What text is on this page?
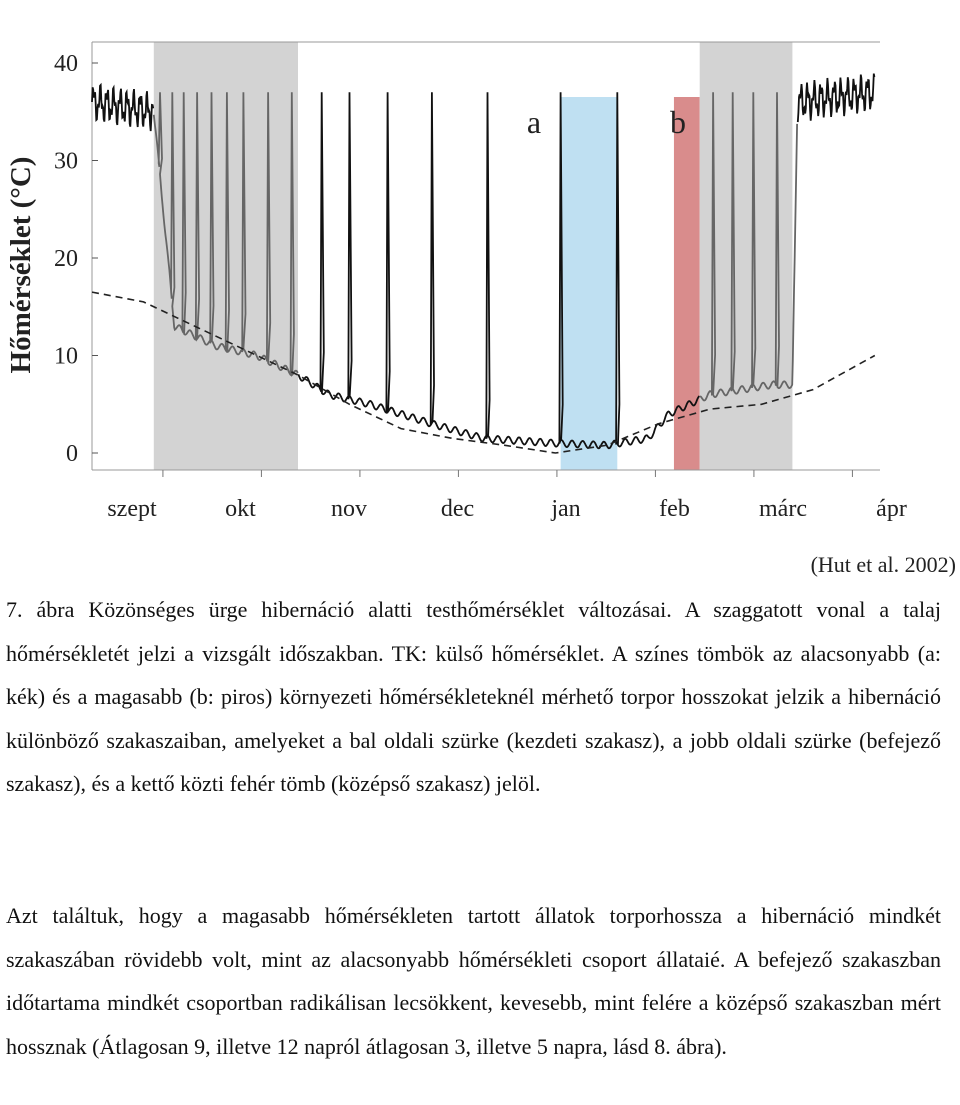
0
10
20
30
40
szept	okt	nov	dec	jan	feb	márc	ápr
a	b
Hőmérséklet (°C)
(Hut et al. 2002)

7. ábra Közönséges ürge hibernáció alatti testhőmérséklet változásai. A szaggatott vonal a talaj hőmérsékletét jelzi a vizsgált időszakban. TK: külső hőmérséklet. A színes tömbök az alacsonyabb (a: kék) és a magasabb (b: piros) környezeti hőmérsékleteknél mérhető torpor hosszokat jelzik a hibernáció különböző szakaszaiban, amelyeket a bal oldali szürke (kezdeti szakasz), a jobb oldali szürke (befejező szakasz), és a kettő közti fehér tömb (középső szakasz) jelöl.

Azt találtuk, hogy a magasabb hőmérsékleten tartott állatok torporhossza a hibernáció mindkét szakaszában rövidebb volt, mint az alacsonyabb hőmérsékleti csoport állataié. A befejező szakaszban időtartama mindkét csoportban radikálisan lecsökkent, kevesebb, mint felére a középső szakaszban mért hossznak (Átlagosan 9, illetve 12 napról átlagosan 3, illetve 5 napra, lásd 8. ábra).
